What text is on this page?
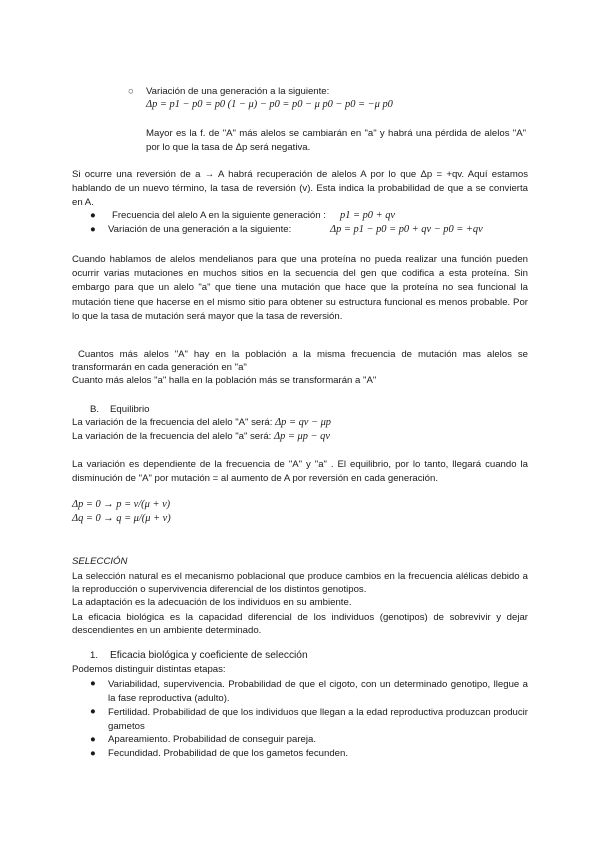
○ Variación de una generación a la siguiente:
Δp = p1 − p0 = p0 (1 − μ) − p0 = p0 − μ p0 − p0 = −μ p0

Mayor es la f. de "A" más alelos se cambiarán en "a" y habrá una pérdida de alelos "A" por lo que la tasa de Δp será negativa.

Si ocurre una reversión de a → A habrá recuperación de alelos A por lo que Δp = +qv. Aquí estamos hablando de un nuevo término, la tasa de reversión (v). Esta indica la probabilidad de que a se convierta en A.

● Frecuencia del alelo A en la siguiente generación : p1 = p0 + qv
● Variación de una generación a la siguiente:	Δp = p1 − p0 = p0 + qv − p0 = +qv

Cuando hablamos de alelos mendelianos para que una proteína no pueda realizar una función pueden ocurrir varias mutaciones en muchos sitios en la secuencia del gen que codifica a esta proteína. Sin embargo para que un alelo "a" que tiene una mutación que hace que la proteína no sea funcional la mutación tiene que hacerse en el mismo sitio para obtener su estructura funcional es menos probable. Por lo que la tasa de mutación será mayor que la tasa de reversión.

Cuantos más alelos "A" hay en la población a la misma frecuencia de mutación mas alelos se transformarán en cada generación en "a"

Cuanto más alelos "a" halla en la población más se transformarán a "A"

B. Equilibrio
La variación de la frecuencia del alelo "A" será: Δp = qv − μp
La variación de la frecuencia del alelo "a" será: Δp = μp − qv

La variación es dependiente de la frecuencia de "A" y "a" . El equilibrio, por lo tanto, llegará cuando la disminución de "A" por mutación = al aumento de A por reversión en cada generación.

Δp = 0 → p = v/(μ + v)
Δq = 0 → q = μ/(μ + v)
SELECCIÓN

La selección natural es el mecanismo poblacional que produce cambios en la frecuencia alélicas debido a la reproducción o supervivencia diferencial de los distintos genotipos.

La adaptación es la adecuación de los individuos en su ambiente.

La eficacia biológica es la capacidad diferencial de los individuos (genotipos) de sobrevivir y dejar descendientes en un ambiente determinado.

1. Eficacia biológica y coeficiente de selección
Podemos distinguir distintas etapas:
● Variabilidad, supervivencia. Probabilidad de que el cigoto, con un determinado genotipo, llegue a la fase reproductiva (adulto).

● Fertilidad. Probabilidad de que los individuos que llegan a la edad reproductiva produzcan producir gametos

● Apareamiento. Probabilidad de conseguir pareja.

● Fecundidad. Probabilidad de que los gametos fecunden.
